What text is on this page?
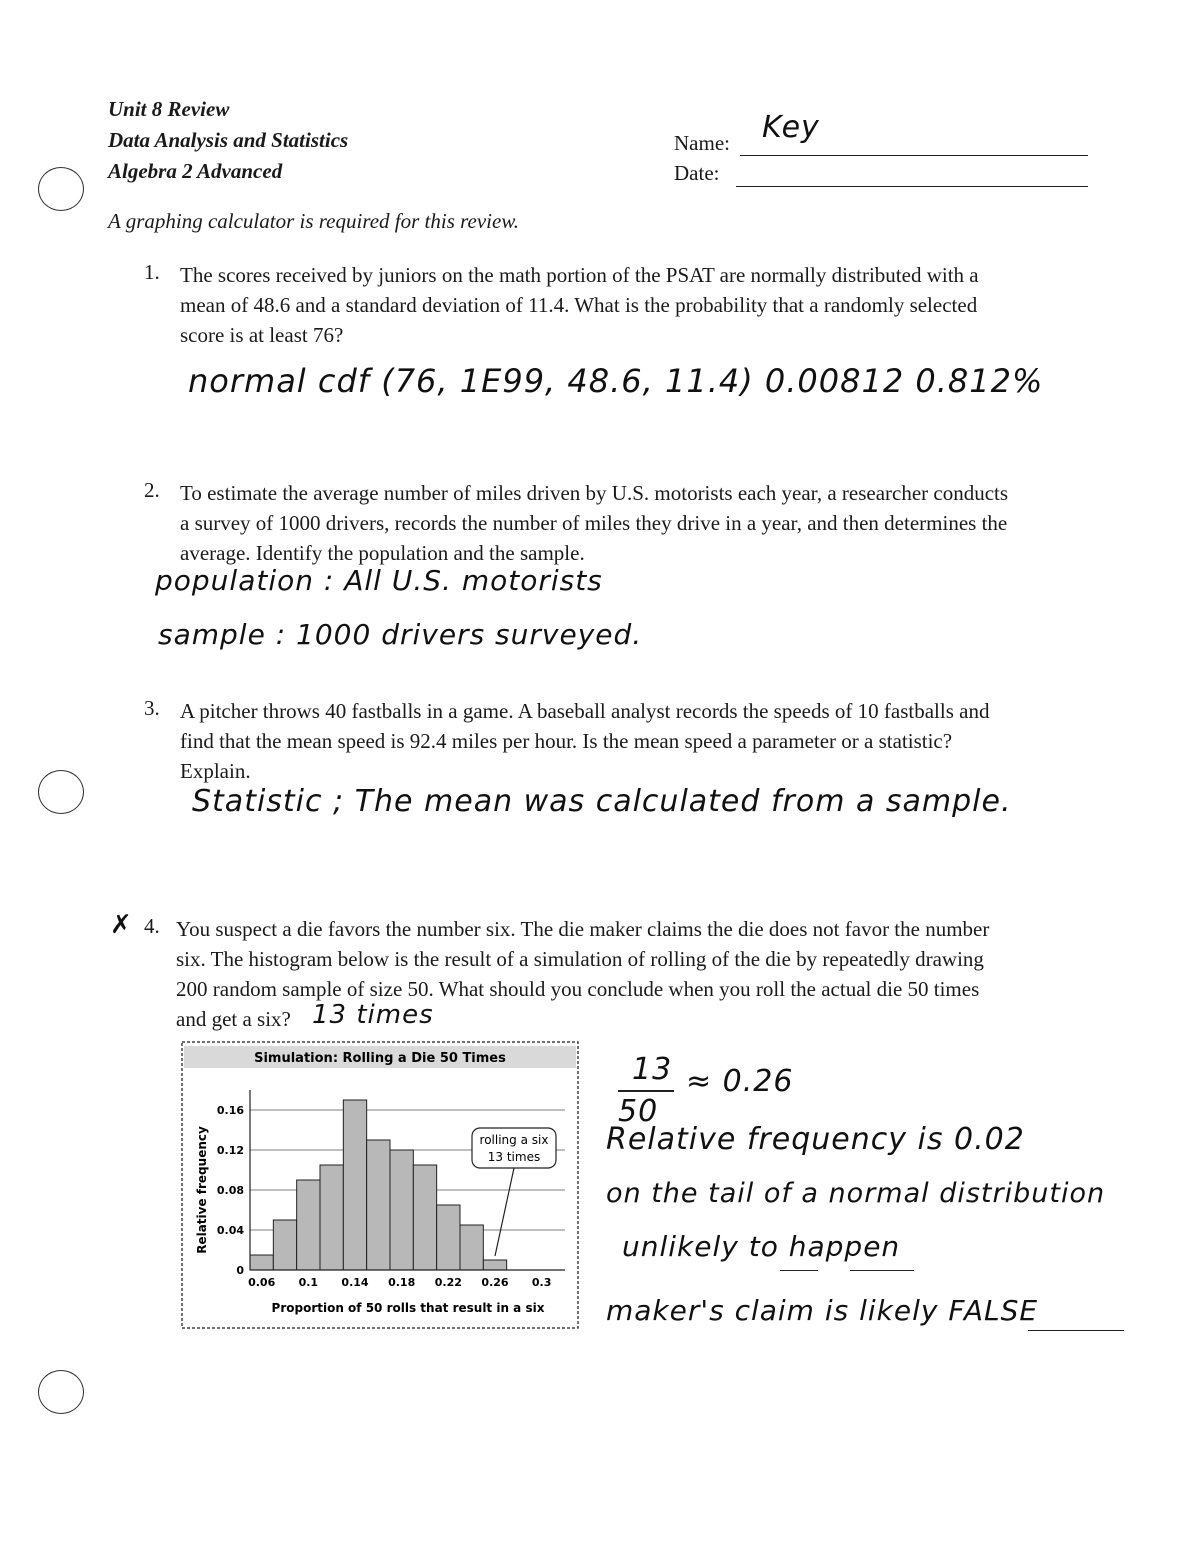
Unit 8 Review
Data Analysis and Statistics
Algebra 2 Advanced
Name: Key
Date:
A graphing calculator is required for this review.
1. The scores received by juniors on the math portion of the PSAT are normally distributed with a
mean of 48.6 and a standard deviation of 11.4. What is the probability that a randomly selected
score is at least 76?
normal cdf (76, 1E99, 48.6, 11.4) 0.00812 0.812%
2. To estimate the average number of miles driven by U.S. motorists each year, a researcher conducts
a survey of 1000 drivers, records the number of miles they drive in a year, and then determines the
average. Identify the population and the sample.
population : All U.S. motorists
sample : 1000 drivers surveyed.
3. A pitcher throws 40 fastballs in a game. A baseball analyst records the speeds of 10 fastballs and
find that the mean speed is 92.4 miles per hour. Is the mean speed a parameter or a statistic?
Explain.
Statistic ; The mean was calculated from a sample.
✗ 4. You suspect a die favors the number six. The die maker claims the die does not favor the number
six. The histogram below is the result of a simulation of rolling of the die by repeatedly drawing
200 random sample of size 50. What should you conclude when you roll the actual die 50 times
and get a six? 13 times
Simulation: Rolling a Die 50 Times
Relative frequency
Proportion of 50 rolls that result in a six
0
0.04
0.08
0.12
0.16
0.06 0.1 0.14 0.18 0.22 0.26 0.3
rolling a six
13 times
13
50
≈ 0.26
Relative frequency is 0.02
on the tail of a normal distribution
unlikely to happen
maker's claim is likely FALSE
